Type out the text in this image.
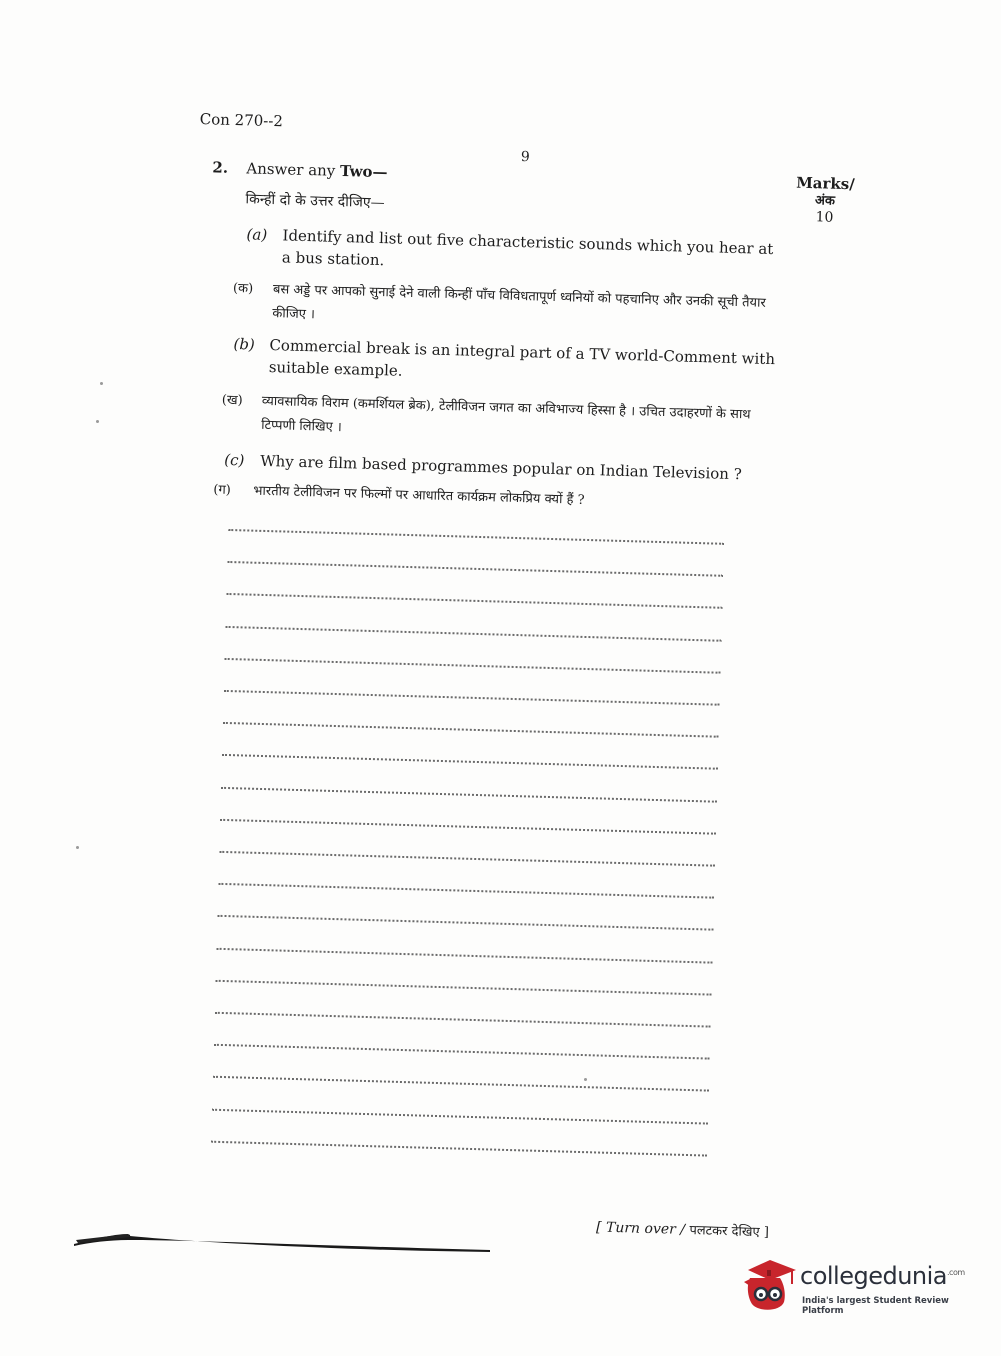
Con 270--2
9
2. Answer any Two—
किन्हीं दो के उत्तर दीजिए—
Marks/
अंक
10
(a) Identify and list out five characteristic sounds which you hear at a bus station.
(क) बस अड्डे पर आपको सुनाई देने वाली किन्हीं पाँच विविधतापूर्ण ध्वनियों को पहचानिए और उनकी सूची तैयार कीजिए ।
(b) Commercial break is an integral part of a TV world-Comment with suitable example.
(ख) व्यावसायिक विराम (कमर्शियल ब्रेक), टेलीविजन जगत का अविभाज्य हिस्सा है । उचित उदाहरणों के साथ टिप्पणी लिखिए ।
(c) Why are film based programmes popular on Indian Television ?
(ग) भारतीय टेलीविजन पर फिल्मों पर आधारित कार्यक्रम लोकप्रिय क्यों हैं ?
[ Turn over / पलटकर देखिए ]
collegedunia$^{.com}$
India's largest Student Review Platform
